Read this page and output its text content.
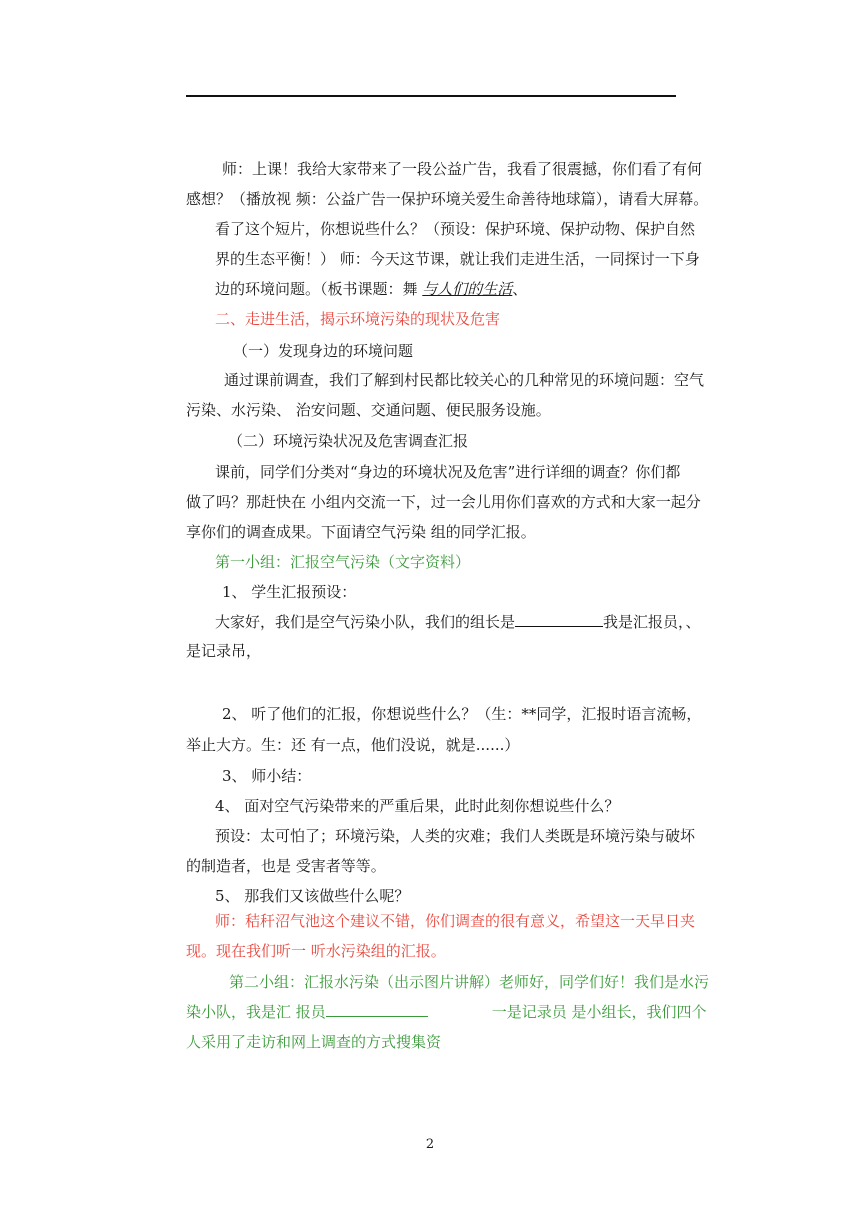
师：上课！我给大家带来了一段公益广告，我看了很震撼，你们看了有何
感想？（播放视 频：公益广告一保护环境关爱生命善待地球篇），请看大屏幕。
看了这个短片，你想说些什么？（预设：保护环境、保护动物、保护自然
界的生态平衡！） 师：今天这节课，就让我们走进生活，一同探讨一下身
边的环境问题。（板书课题：舞 与人们的生活、
二、走进生活，揭示环境污染的现状及危害
（一）发现身边的环境问题
通过课前调查，我们了解到村民都比较关心的几种常见的环境问题：空气
污染、水污染、 治安问题、交通问题、便民服务设施。
（二）环境污染状况及危害调查汇报
课前，同学们分类对“身边的环境状况及危害”进行详细的调查？你们都
做了吗？那赶快在 小组内交流一下，过一会儿用你们喜欢的方式和大家一起分
享你们的调查成果。下面请空气污染 组的同学汇报。
第一小组：汇报空气污染（文字资料）
1、 学生汇报预设：
大家好，我们是空气污染小队，我们的组长是	我是汇报员，、
是记录吊，
2、 听了他们的汇报，你想说些什么？（生：**同学，汇报时语言流畅，
举止大方。生：还 有一点，他们没说，就是......）
3、 师小结：
4、 面对空气污染带来的严重后果，此时此刻你想说些什么？
预设：太可怕了；环境污染，人类的灾难；我们人类既是环境污染与破坏
的制造者，也是 受害者等等。
5、 那我们又该做些什么呢？
师：秸秆沼气池这个建议不错，你们调查的很有意义，希望这一天早日夹
现。现在我们听一 听水污染组的汇报。
第二小组：汇报水污染（出示图片讲解）老师好，同学们好！我们是水污
染小队，我是汇 报员	一是记录员 是小组长，我们四个
人采用了走访和网上调查的方式搜集资
2
